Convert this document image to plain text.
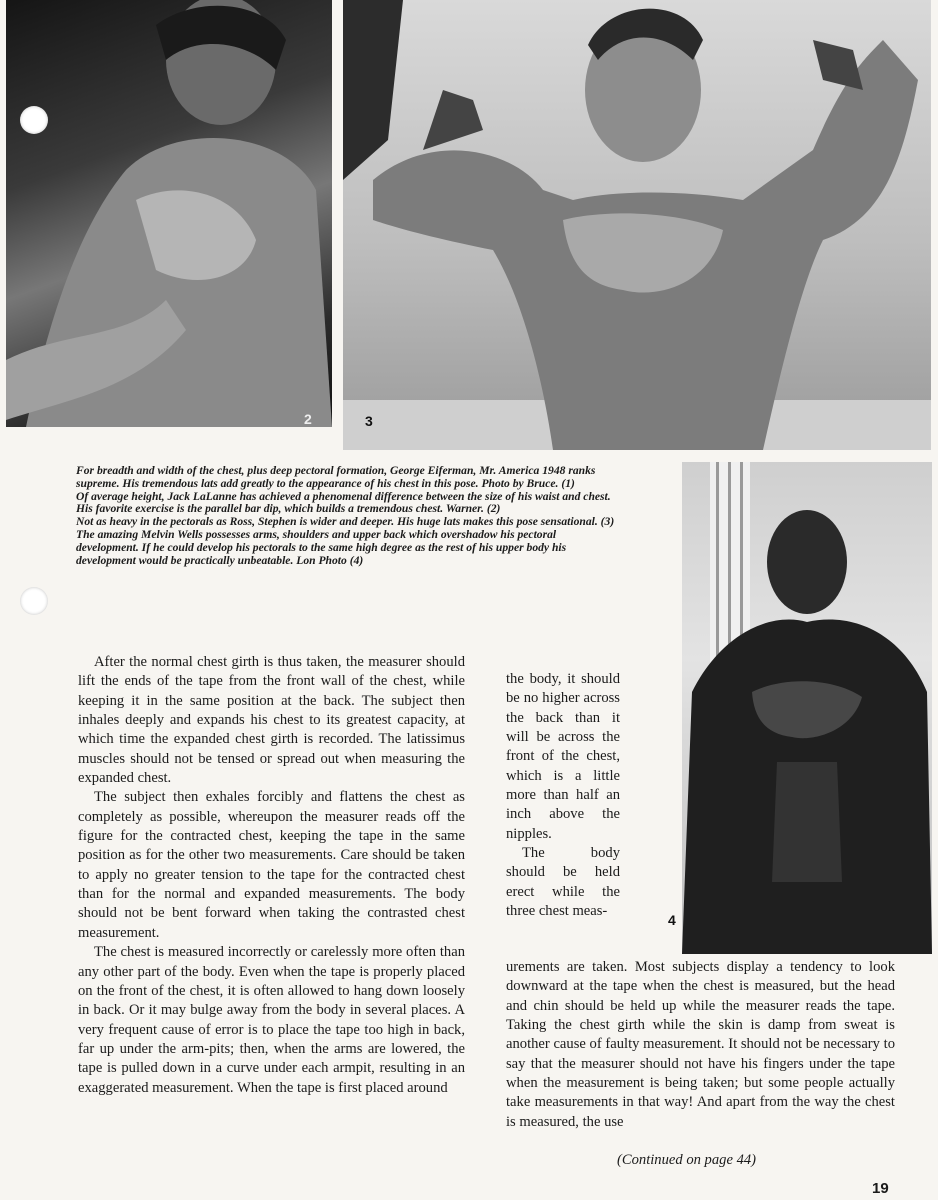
2	3
4

For breadth and width of the chest, plus deep pectoral formation, George Eiferman, Mr. America 1948 ranks supreme. His tremendous lats add greatly to the appearance of his chest in this pose. Photo by Bruce. (1)

Of average height, Jack LaLanne has achieved a phenomenal difference between the size of his waist and chest. His favorite exercise is the parallel bar dip, which builds a tremendous chest. Warner. (2)

Not as heavy in the pectorals as Ross, Stephen is wider and deeper. His huge lats makes this pose sensational. (3)

The amazing Melvin Wells possesses arms, shoulders and upper back which overshadow his pectoral development. If he could develop his pectorals to the same high degree as the rest of his upper body his development would be practically unbeatable. Lon Photo (4)

After the normal chest girth is thus taken, the measurer should lift the ends of the tape from the front wall of the chest, while keeping it in the same position at the back. The subject then inhales deeply and expands his chest to its greatest capacity, at which time the expanded chest girth is recorded. The latissimus muscles should not be tensed or spread out when measuring the expanded chest.

The subject then exhales forcibly and flattens the chest as completely as possible, whereupon the measurer reads off the figure for the contracted chest, keeping the tape in the same position as for the other two measurements. Care should be taken to apply no greater tension to the tape for the contracted chest than for the normal and expanded measurements. The body should not be bent forward when taking the contrasted chest measurement.

The chest is measured incorrectly or carelessly more often than any other part of the body. Even when the tape is properly placed on the front of the chest, it is often allowed to hang down loosely in back. Or it may bulge away from the body in several places. A very frequent cause of error is to place the tape too high in back, far up under the arm-pits; then, when the arms are lowered, the tape is pulled down in a curve under each armpit, resulting in an exaggerated measurement. When the tape is first placed around

the body, it should be no higher across the back than it will be across the front of the chest, which is a little more than half an inch above the nipples.

The body should be held erect while the three chest meas-

urements are taken. Most subjects display a tendency to look downward at the tape when the chest is measured, but the head and chin should be held up while the measurer reads the tape. Taking the chest girth while the skin is damp from sweat is another cause of faulty measurement. It should not be necessary to say that the measurer should not have his fingers under the tape when the measurement is being taken; but some people actually take measurements in that way! And apart from the way the chest is measured, the use

(Continued on page 44)
19
